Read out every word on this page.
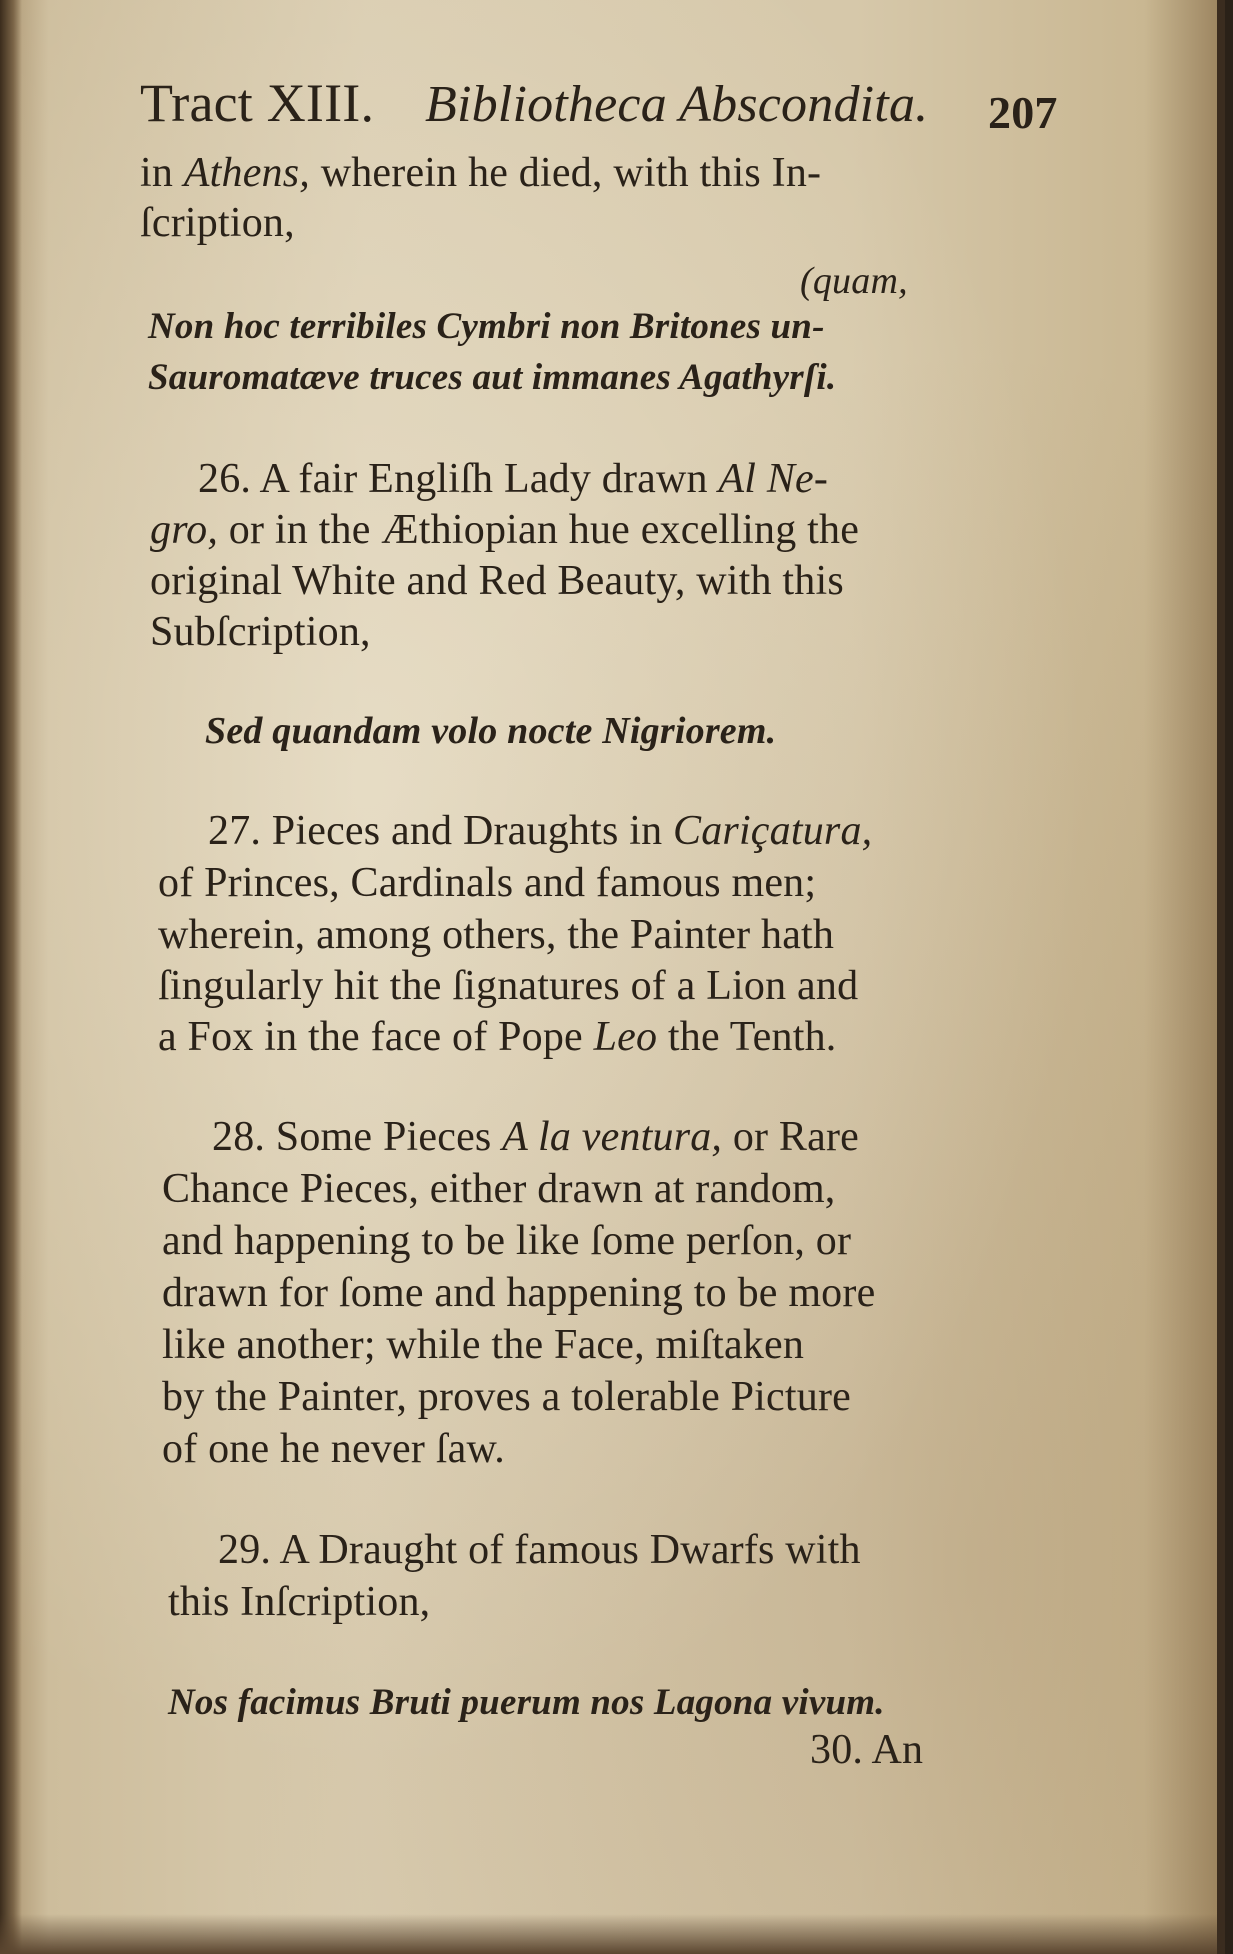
Tract XIII. Bibliotheca Abscondita. 207
in Athens, wherein he died, with this In-
ſcription,
(quam,
Non hoc terribiles Cymbri non Britones un-
Sauromatæve truces aut immanes Agathyrſi.
26. A fair Engliſh Lady drawn Al Ne-
gro, or in the Æthiopian hue excelling the
original White and Red Beauty, with this
Subſcription,
Sed quandam volo nocte Nigriorem.
27. Pieces and Draughts in Cariçatura,
of Princes, Cardinals and famous men;
wherein, among others, the Painter hath
ſingularly hit the ſignatures of a Lion and
a Fox in the face of Pope Leo the Tenth.
28. Some Pieces A la ventura, or Rare
Chance Pieces, either drawn at random,
and happening to be like ſome perſon, or
drawn for ſome and happening to be more
like another; while the Face, miſtaken
by the Painter, proves a tolerable Picture
of one he never ſaw.
29. A Draught of famous Dwarfs with
this Inſcription,
Nos facimus Bruti puerum nos Lagona vivum.
30. An
